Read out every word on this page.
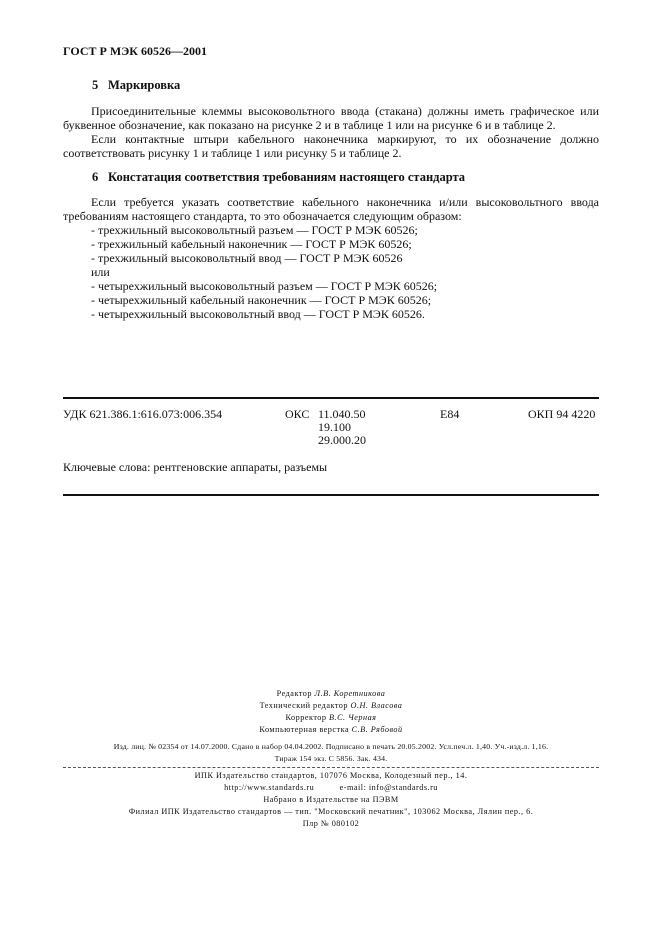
ГОСТ Р МЭК 60526—2001
5 Маркировка
Присоединительные клеммы высоковольтного ввода (стакана) должны иметь графическое или буквенное обозначение, как показано на рисунке 2 и в таблице 1 или на рисунке 6 и в таблице 2.
Если контактные штыри кабельного наконечника маркируют, то их обозначение должно соответствовать рисунку 1 и таблице 1 или рисунку 5 и таблице 2.
6 Констатация соответствия требованиям настоящего стандарта
Если требуется указать соответствие кабельного наконечника и/или высоковольтного ввода требованиям настоящего стандарта, то это обозначается следующим образом:
- трехжильный высоковольтный разъем — ГОСТ Р МЭК 60526;
- трехжильный кабельный наконечник — ГОСТ Р МЭК 60526;
- трехжильный высоковольтный ввод — ГОСТ Р МЭК 60526
или
- четырехжильный высоковольтный разъем — ГОСТ Р МЭК 60526;
- четырехжильный кабельный наконечник — ГОСТ Р МЭК 60526;
- четырехжильный высоковольтный ввод — ГОСТ Р МЭК 60526.
УДК 621.386.1:616.073:006.354	ОКС 11.040.50
19.100
29.000.20
E84	ОКП 94 4220
Ключевые слова: рентгеновские аппараты, разъемы
Редактор Л.В. Коретникова
Технический редактор О.Н. Власова
Корректор В.С. Черная
Компьютерная верстка С.В. Рябовой
Изд. лиц. № 02354 от 14.07.2000. Сдано в набор 04.04.2002. Подписано в печать 20.05.2002. Усл.печ.л. 1,40. Уч.-изд.л. 1,16.
Тираж 154 экз. С 5856. Зак. 434.
ИПК Издательство стандартов, 107076 Москва, Колодезный пер., 14.
http://www.standards.ru          e-mail: info@standards.ru
Набрано в Издательстве на ПЭВМ
Филиал ИПК Издательство стандартов — тип. "Московский печатник", 103062 Москва, Лялин пер., 6.
Плр № 080102
